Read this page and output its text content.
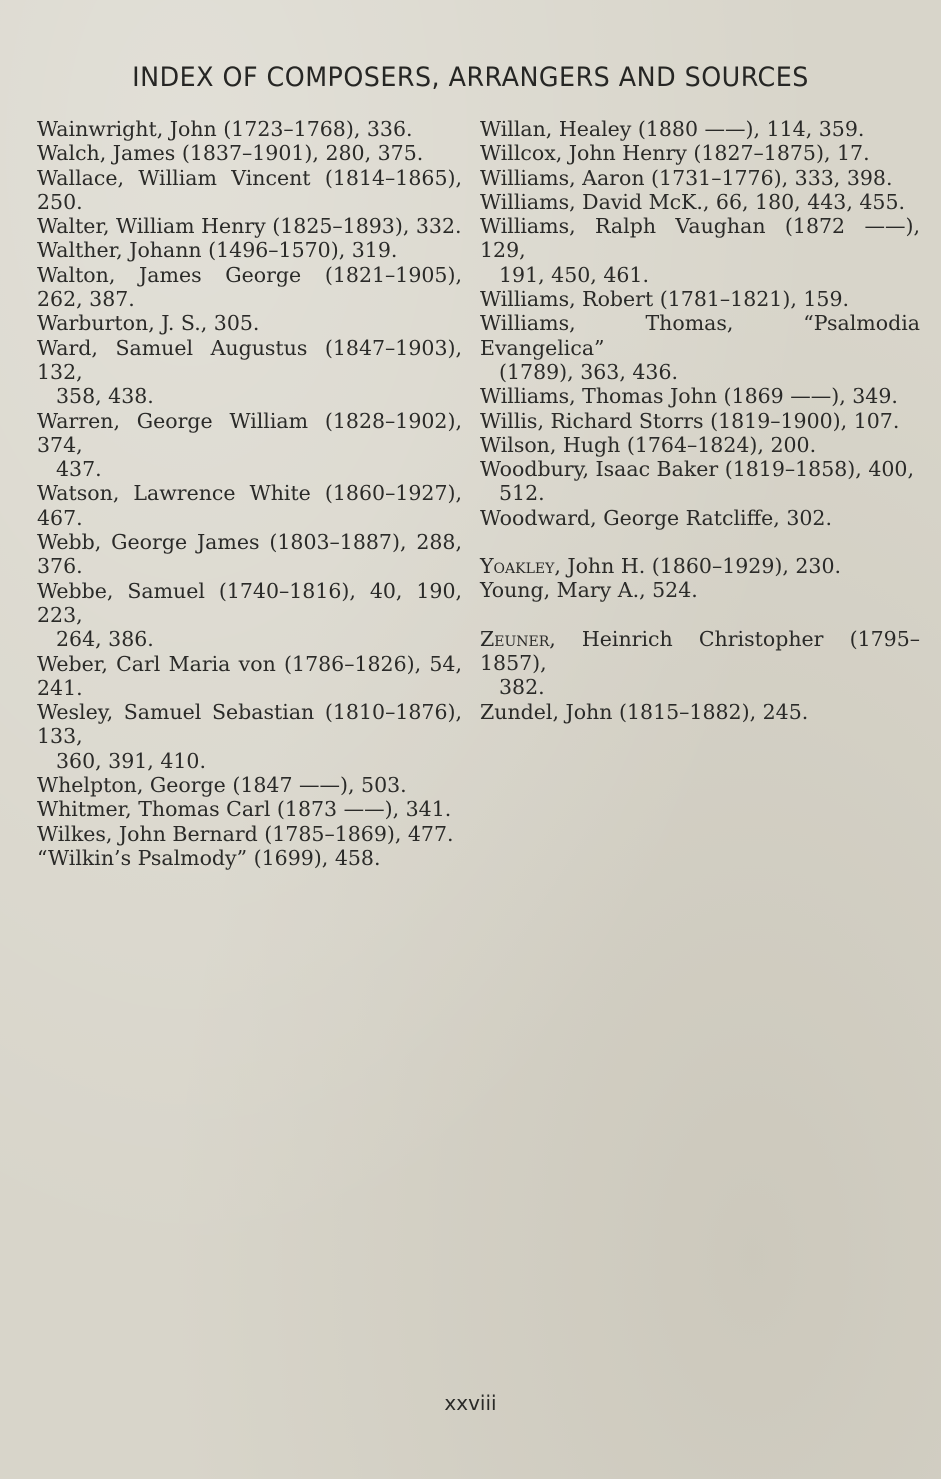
INDEX OF COMPOSERS, ARRANGERS AND SOURCES

Wainwright, John (1723–1768), 336.

Walch, James (1837–1901), 280, 375.

Wallace, William Vincent (1814–1865), 250.

Walter, William Henry (1825–1893), 332.

Walther, Johann (1496–1570), 319.

Walton, James George (1821–1905), 262, 387.

Warburton, J. S., 305.

Ward, Samuel Augustus (1847–1903), 132,
358, 438.

Warren, George William (1828–1902), 374,
437.

Watson, Lawrence White (1860–1927), 467.

Webb, George James (1803–1887), 288, 376.

Webbe, Samuel (1740–1816), 40, 190, 223,
264, 386.

Weber, Carl Maria von (1786–1826), 54, 241.

Wesley, Samuel Sebastian (1810–1876), 133,
360, 391, 410.

Whelpton, George (1847 ——), 503.

Whitmer, Thomas Carl (1873 ——), 341.

Wilkes, John Bernard (1785–1869), 477.

“Wilkin’s Psalmody” (1699), 458.

Willan, Healey (1880 ——), 114, 359.

Willcox, John Henry (1827–1875), 17.

Williams, Aaron (1731–1776), 333, 398.

Williams, David McK., 66, 180, 443, 455.

Williams, Ralph Vaughan (1872 ——), 129,
191, 450, 461.

Williams, Robert (1781–1821), 159.

Williams, Thomas, “Psalmodia Evangelica”
(1789), 363, 436.

Williams, Thomas John (1869 ——), 349.

Willis, Richard Storrs (1819–1900), 107.

Wilson, Hugh (1764–1824), 200.

Woodbury, Isaac Baker (1819–1858), 400,
512.

Woodward, George Ratcliffe, 302.

Yoakley, John H. (1860–1929), 230.

Young, Mary A., 524.

Zeuner, Heinrich Christopher (1795–1857),
382.

Zundel, John (1815–1882), 245.

xxviii
